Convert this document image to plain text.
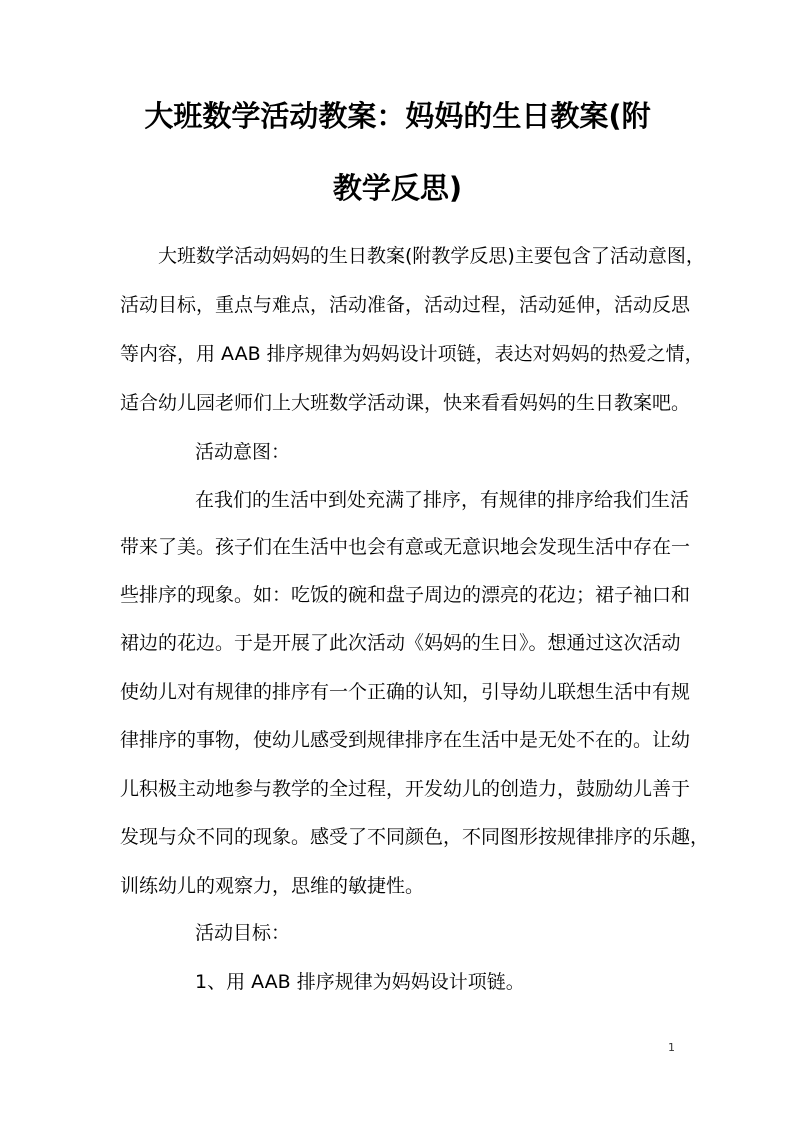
大班数学活动教案：妈妈的生日教案(附
教学反思)
大班数学活动妈妈的生日教案(附教学反思)主要包含了活动意图，
活动目标，重点与难点，活动准备，活动过程，活动延伸，活动反思
等内容，用 AAB 排序规律为妈妈设计项链，表达对妈妈的热爱之情，
适合幼儿园老师们上大班数学活动课，快来看看妈妈的生日教案吧。
活动意图：
在我们的生活中到处充满了排序，有规律的排序给我们生活
带来了美。孩子们在生活中也会有意或无意识地会发现生活中存在一
些排序的现象。如：吃饭的碗和盘子周边的漂亮的花边；裙子袖口和
裙边的花边。于是开展了此次活动《妈妈的生日》。想通过这次活动
使幼儿对有规律的排序有一个正确的认知，引导幼儿联想生活中有规
律排序的事物，使幼儿感受到规律排序在生活中是无处不在的。让幼
儿积极主动地参与教学的全过程，开发幼儿的创造力，鼓励幼儿善于
发现与众不同的现象。感受了不同颜色，不同图形按规律排序的乐趣，
训练幼儿的观察力，思维的敏捷性。
活动目标：
1、用 AAB 排序规律为妈妈设计项链。
1
